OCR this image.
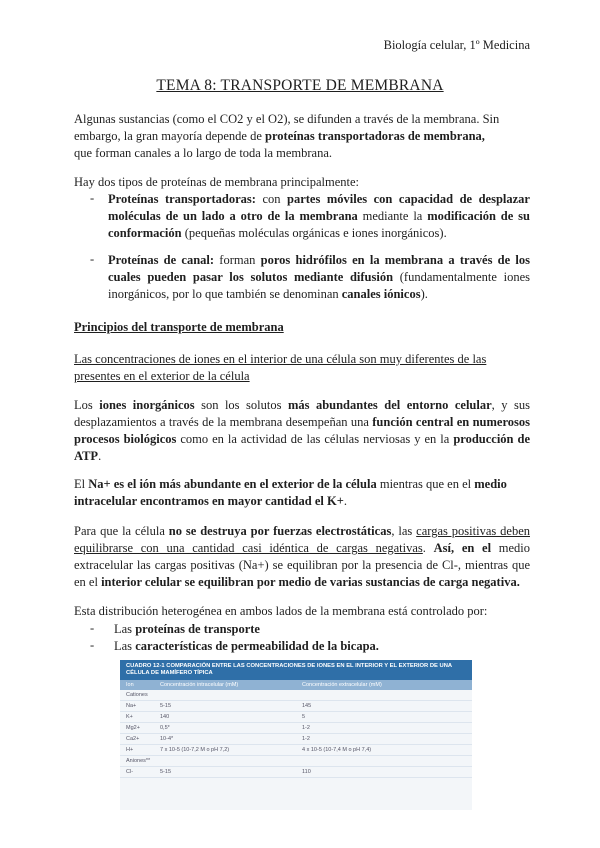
Biología celular, 1º Medicina
TEMA 8: TRANSPORTE DE MEMBRANA
Algunas sustancias (como el CO2 y el O2), se difunden a través de la membrana. Sin
embargo, la gran mayoría depende de proteínas transportadoras de membrana,
que forman canales a lo largo de toda la membrana.
Hay dos tipos de proteínas de membrana principalmente:
- Proteínas transportadoras: con partes móviles con capacidad de desplazar moléculas de un lado a otro de la membrana mediante la modificación de su conformación (pequeñas moléculas orgánicas e iones inorgánicos).
- Proteínas de canal: forman poros hidrófilos en la membrana a través de los cuales pueden pasar los solutos mediante difusión (fundamentalmente iones inorgánicos, por lo que también se denominan canales iónicos).
Principios del transporte de membrana
Las concentraciones de iones en el interior de una célula son muy diferentes de las presentes en el exterior de la célula
Los iones inorgánicos son los solutos más abundantes del entorno celular, y sus desplazamientos a través de la membrana desempeñan una función central en numerosos procesos biológicos como en la actividad de las células nerviosas y en la producción de ATP.
El Na+ es el ión más abundante en el exterior de la célula mientras que en el medio intracelular encontramos en mayor cantidad el K+.
Para que la célula no se destruya por fuerzas electrostáticas, las cargas positivas deben equilibrarse con una cantidad casi idéntica de cargas negativas. Así, en el medio extracelular las cargas positivas (Na+) se equilibran por la presencia de Cl-, mientras que en el interior celular se equilibran por medio de varias sustancias de carga negativa.
Esta distribución heterogénea en ambos lados de la membrana está controlado por:
- Las proteínas de transporte
- Las características de permeabilidad de la bicapa.
CUADRO 12-1 COMPARACIÓN ENTRE LAS CONCENTRACIONES DE IONES EN EL INTERIOR Y EL EXTERIOR DE UNA CÉLULA DE MAMÍFERO TÍPICA
Ion	Concentración intracelular (mM)	Concentración extracelular (mM)
Cationes
Na+	5-15	145
K+	140	5
Mg2+	0,5*	1-2
Ca2+	10-4*	1-2
H+	7 x 10-5 (10-7,2 M o pH 7,2)	4 x 10-5 (10-7,4 M o pH 7,4)
Aniones**
Cl-	5-15	110
